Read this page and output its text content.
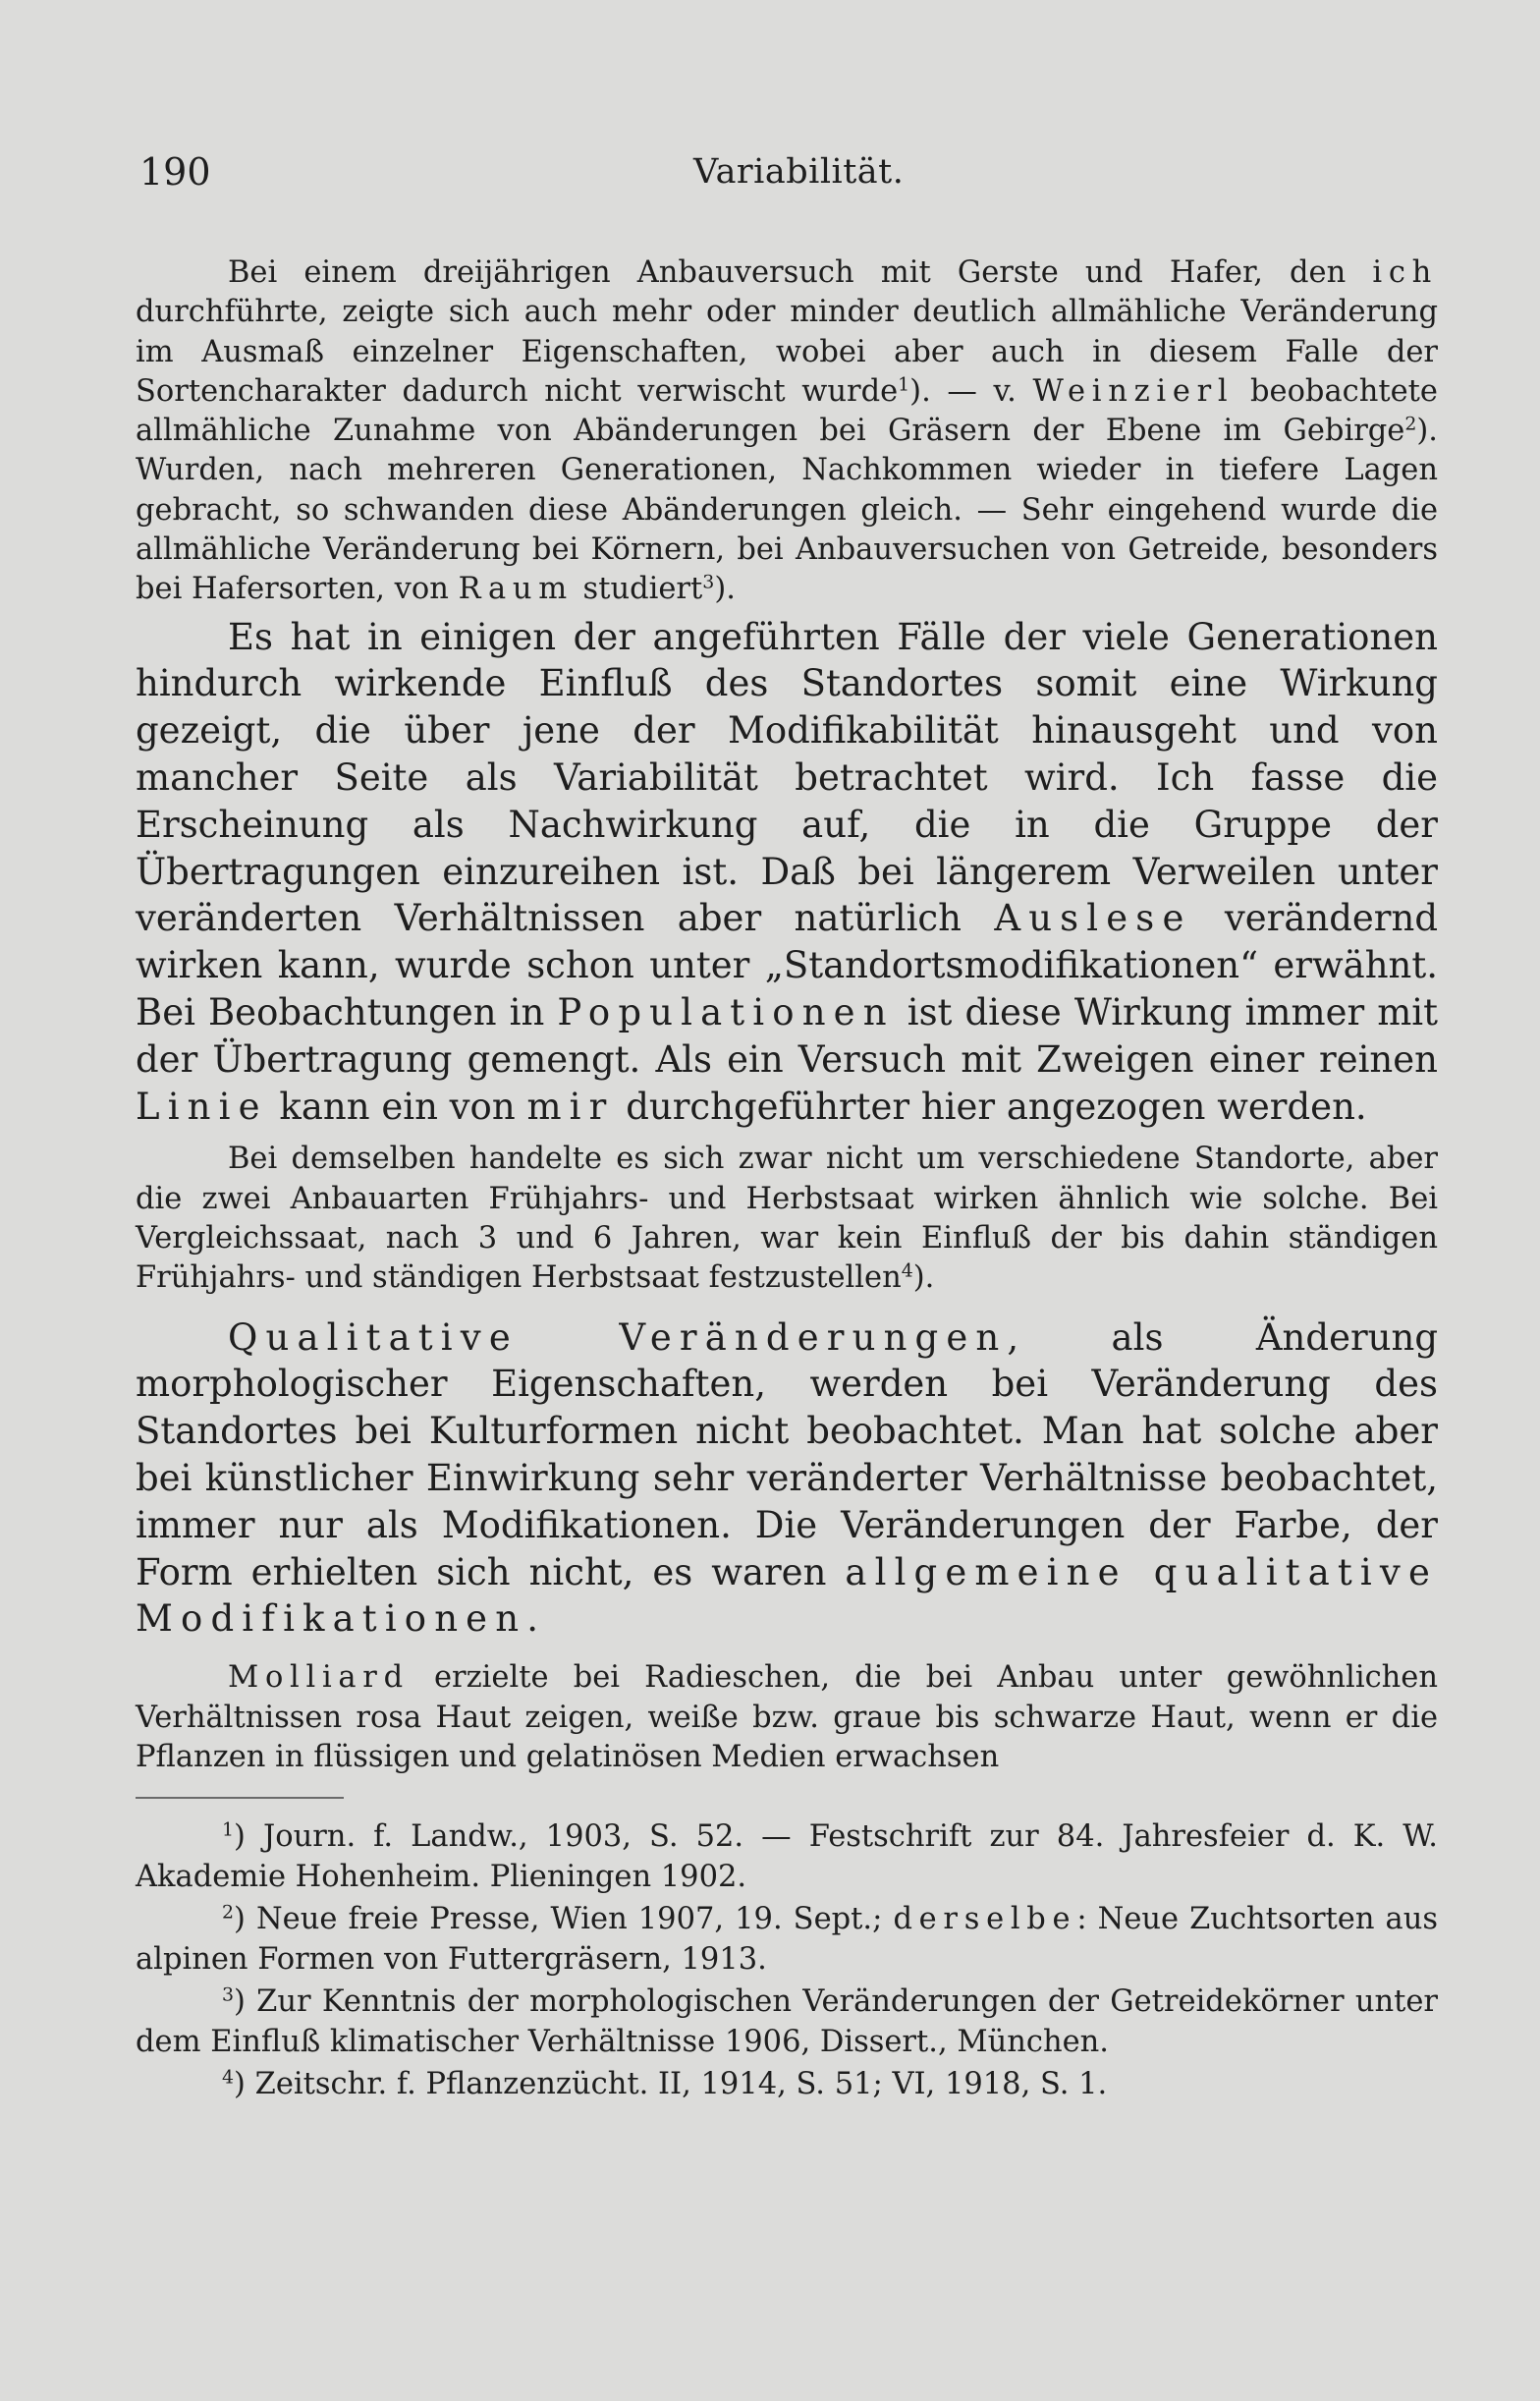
190	Variabilität.

Bei einem dreijährigen Anbauversuch mit Gerste und Hafer, den ich durchführte, zeigte sich auch mehr oder minder deutlich allmähliche Veränderung im Ausmaß einzelner Eigenschaften, wobei aber auch in diesem Falle der Sortencharakter dadurch nicht verwischt wurde$^1$). — v. Weinzierl beobachtete allmähliche Zunahme von Abänderungen bei Gräsern der Ebene im Gebirge$^2$). Wurden, nach mehreren Generationen, Nachkommen wieder in tiefere Lagen gebracht, so schwanden diese Abänderungen gleich. — Sehr eingehend wurde die allmähliche Veränderung bei Körnern, bei Anbauversuchen von Getreide, besonders bei Hafersorten, von Raum studiert$^3$).

Es hat in einigen der angeführten Fälle der viele Generationen hindurch wirkende Einfluß des Standortes somit eine Wirkung gezeigt, die über jene der Modifikabilität hinausgeht und von mancher Seite als Variabilität betrachtet wird. Ich fasse die Erscheinung als Nachwirkung auf, die in die Gruppe der Übertragungen einzureihen ist. Daß bei längerem Verweilen unter veränderten Verhältnissen aber natürlich Auslese verändernd wirken kann, wurde schon unter „Standortsmodifikationen“ erwähnt. Bei Beobachtungen in Populationen ist diese Wirkung immer mit der Übertragung gemengt. Als ein Versuch mit Zweigen einer reinen Linie kann ein von mir durchgeführter hier angezogen werden.

Bei demselben handelte es sich zwar nicht um verschiedene Standorte, aber die zwei Anbauarten Frühjahrs- und Herbstsaat wirken ähnlich wie solche. Bei Vergleichssaat, nach 3 und 6 Jahren, war kein Einfluß der bis dahin ständigen Frühjahrs- und ständigen Herbstsaat festzustellen$^4$).

Qualitative Veränderungen, als Änderung morphologischer Eigenschaften, werden bei Veränderung des Standortes bei Kulturformen nicht beobachtet. Man hat solche aber bei künstlicher Einwirkung sehr veränderter Verhältnisse beobachtet, immer nur als Modifikationen. Die Veränderungen der Farbe, der Form erhielten sich nicht, es waren allgemeine qualitative Modifikationen.

Molliard erzielte bei Radieschen, die bei Anbau unter gewöhnlichen Verhältnissen rosa Haut zeigen, weiße bzw. graue bis schwarze Haut, wenn er die Pflanzen in flüssigen und gelatinösen Medien erwachsen

$^1$) Journ. f. Landw., 1903, S. 52. — Festschrift zur 84. Jahresfeier d. K. W. Akademie Hohenheim. Plieningen 1902.

$^2$) Neue freie Presse, Wien 1907, 19. Sept.; derselbe: Neue Zuchtsorten aus alpinen Formen von Futtergräsern, 1913.

$^3$) Zur Kenntnis der morphologischen Veränderungen der Getreidekörner unter dem Einfluß klimatischer Verhältnisse 1906, Dissert., München.

$^4$) Zeitschr. f. Pflanzenzücht. II, 1914, S. 51; VI, 1918, S. 1.
